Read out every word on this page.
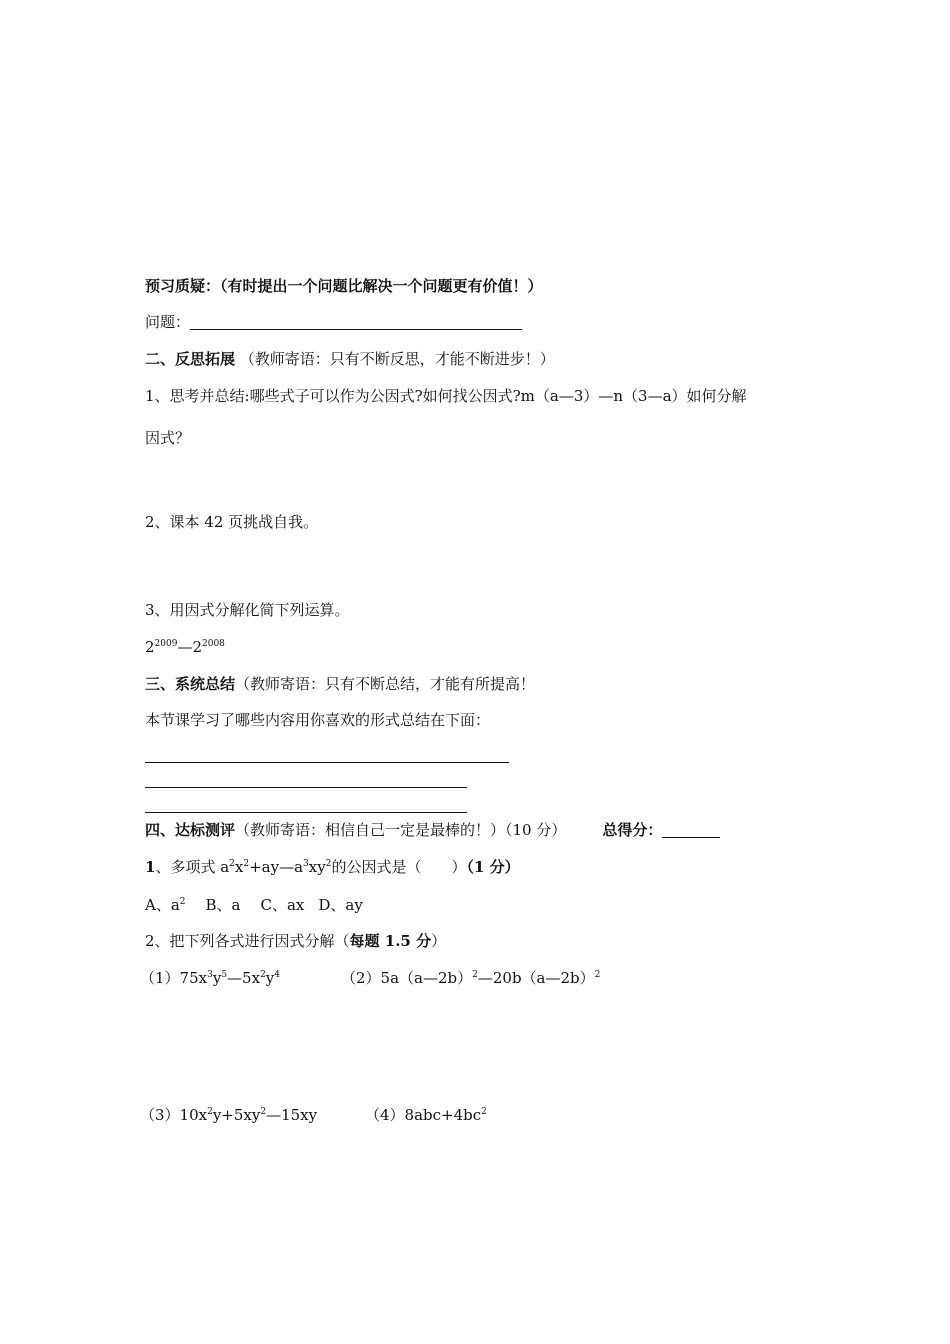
预习质疑：（有时提出一个问题比解决一个问题更有价值！）
问题：
二、反思拓展 （教师寄语：只有不断反思，才能不断进步！）
1、思考并总结:哪些式子可以作为公因式?如何找公因式?m（a—3）—n（3—a）如何分解
因式？
2、课本 42 页挑战自我。
3、用因式分解化简下列运算。
$2^{2009}—2^{2008}$
三、系统总结（教师寄语：只有不断总结，才能有所提高！
本节课学习了哪些内容用你喜欢的形式总结在下面：
四、达标测评（教师寄语：相信自己一定是最棒的！）（10 分） 总得分：
1、多项式 $a^2x^2+ay—a^3xy^2$的公因式是（　　）（1 分）
A、$a^2$ B、a C、ax D、ay
2、把下列各式进行因式分解（每题 1.5 分）
$(1)75x^3y^5—5x^2y^4$	（2）5a（a—2b）$^2$—20b（a—2b）$^2$
$(3)10x^2y+5xy^2—15xy$	$(4)8abc+4bc^2$
